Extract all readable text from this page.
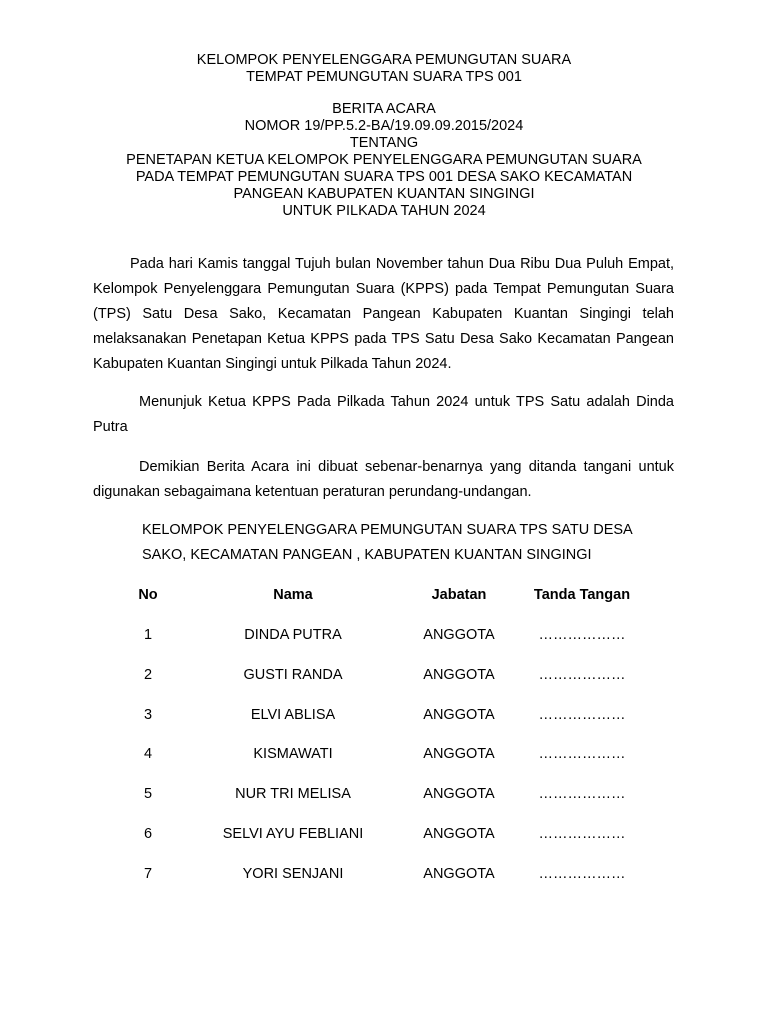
KELOMPOK PENYELENGGARA PEMUNGUTAN SUARA
TEMPAT PEMUNGUTAN SUARA TPS 001
BERITA ACARA
NOMOR 19/PP.5.2-BA/19.09.09.2015/2024
TENTANG
PENETAPAN KETUA KELOMPOK PENYELENGGARA PEMUNGUTAN SUARA
PADA TEMPAT PEMUNGUTAN SUARA TPS 001 DESA SAKO KECAMATAN
PANGEAN KABUPATEN KUANTAN SINGINGI
UNTUK PILKADA TAHUN 2024

Pada hari Kamis tanggal Tujuh bulan November tahun Dua Ribu Dua Puluh Empat, Kelompok Penyelenggara Pemungutan Suara (KPPS) pada Tempat Pemungutan Suara (TPS) Satu Desa Sako, Kecamatan Pangean Kabupaten Kuantan Singingi telah melaksanakan Penetapan Ketua KPPS pada TPS Satu Desa Sako Kecamatan Pangean Kabupaten Kuantan Singingi untuk Pilkada Tahun 2024.

Menunjuk Ketua KPPS Pada Pilkada Tahun 2024 untuk TPS Satu adalah Dinda Putra

Demikian Berita Acara ini dibuat sebenar-benarnya yang ditanda tangani untuk digunakan sebagaimana ketentuan peraturan perundang-undangan.

KELOMPOK PENYELENGGARA PEMUNGUTAN SUARA TPS SATU DESA
SAKO, KECAMATAN PANGEAN , KABUPATEN KUANTAN SINGINGI
No	Nama	Jabatan	Tanda Tangan
1	DINDA PUTRA	ANGGOTA	………………
2	GUSTI RANDA	ANGGOTA	………………
3	ELVI ABLISA	ANGGOTA	………………
4	KISMAWATI	ANGGOTA	………………
5	NUR TRI MELISA	ANGGOTA	………………
6	SELVI AYU FEBLIANI	ANGGOTA	………………
7	YORI SENJANI	ANGGOTA	………………
